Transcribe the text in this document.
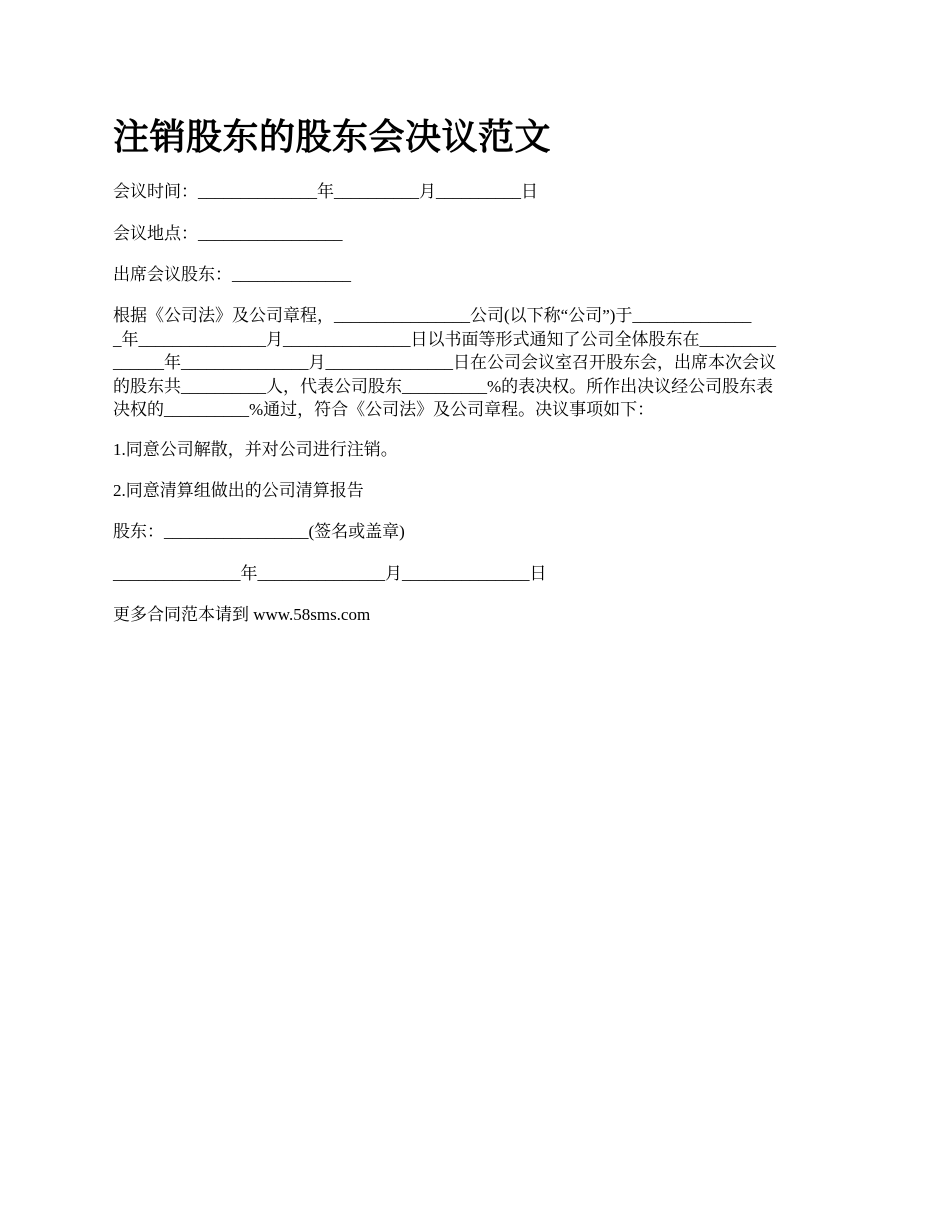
注销股东的股东会决议范文

会议时间：______________年__________月__________日

会议地点：_________________

出席会议股东：______________

根据《公司法》及公司章程，________________公司(以下称“公司”)于______________
_年_______________月_______________日以书面等形式通知了公司全体股东在_________
______年_______________月_______________日在公司会议室召开股东会，出席本次会议
的股东共__________人，代表公司股东__________%的表决权。所作出决议经公司股东表
决权的__________%通过，符合《公司法》及公司章程。决议事项如下：

1.同意公司解散，并对公司进行注销。

2.同意清算组做出的公司清算报告

股东：_________________(签名或盖章)

_______________年_______________月_______________日

更多合同范本请到 www.58sms.com
